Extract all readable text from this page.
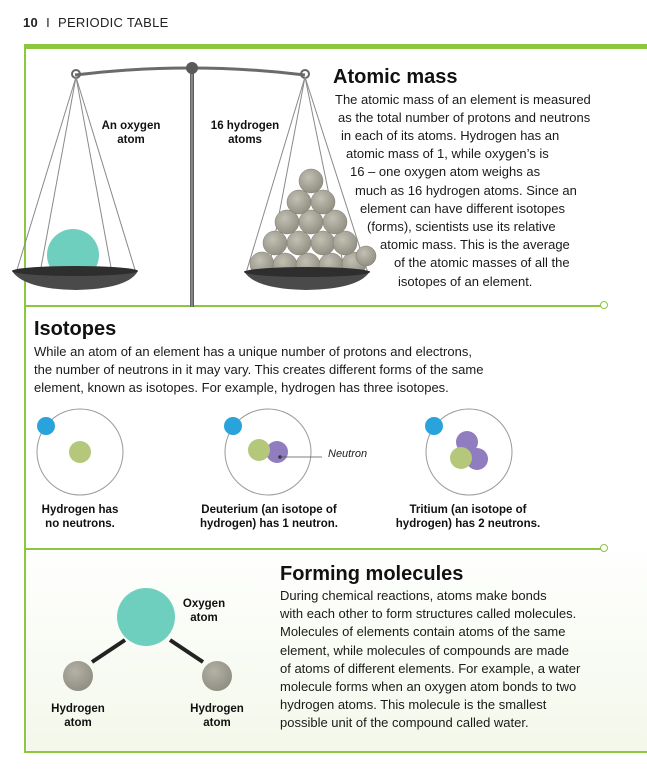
10 I PERIODIC TABLE
An oxygen
atom
16 hydrogen
atoms
Atomic mass
The atomic mass of an element is measured
as the total number of protons and neutrons
in each of its atoms. Hydrogen has an
atomic mass of 1, while oxygen’s is
16 – one oxygen atom weighs as
much as 16 hydrogen atoms. Since an
element can have different isotopes
(forms), scientists use its relative
atomic mass. This is the average
of the atomic masses of all the
isotopes of an element.
Isotopes
While an atom of an element has a unique number of protons and electrons,
the number of neutrons in it may vary. This creates different forms of the same
element, known as isotopes. For example, hydrogen has three isotopes.
Neutron
Hydrogen has
no neutrons.
Deuterium (an isotope of
hydrogen) has 1 neutron.
Tritium (an isotope of
hydrogen) has 2 neutrons.
Oxygen
atom
Hydrogen
atom
Hydrogen
atom
Forming molecules
During chemical reactions, atoms make bonds
with each other to form structures called molecules.
Molecules of elements contain atoms of the same
element, while molecules of compounds are made
of atoms of different elements. For example, a water
molecule forms when an oxygen atom bonds to two
hydrogen atoms. This molecule is the smallest
possible unit of the compound called water.
